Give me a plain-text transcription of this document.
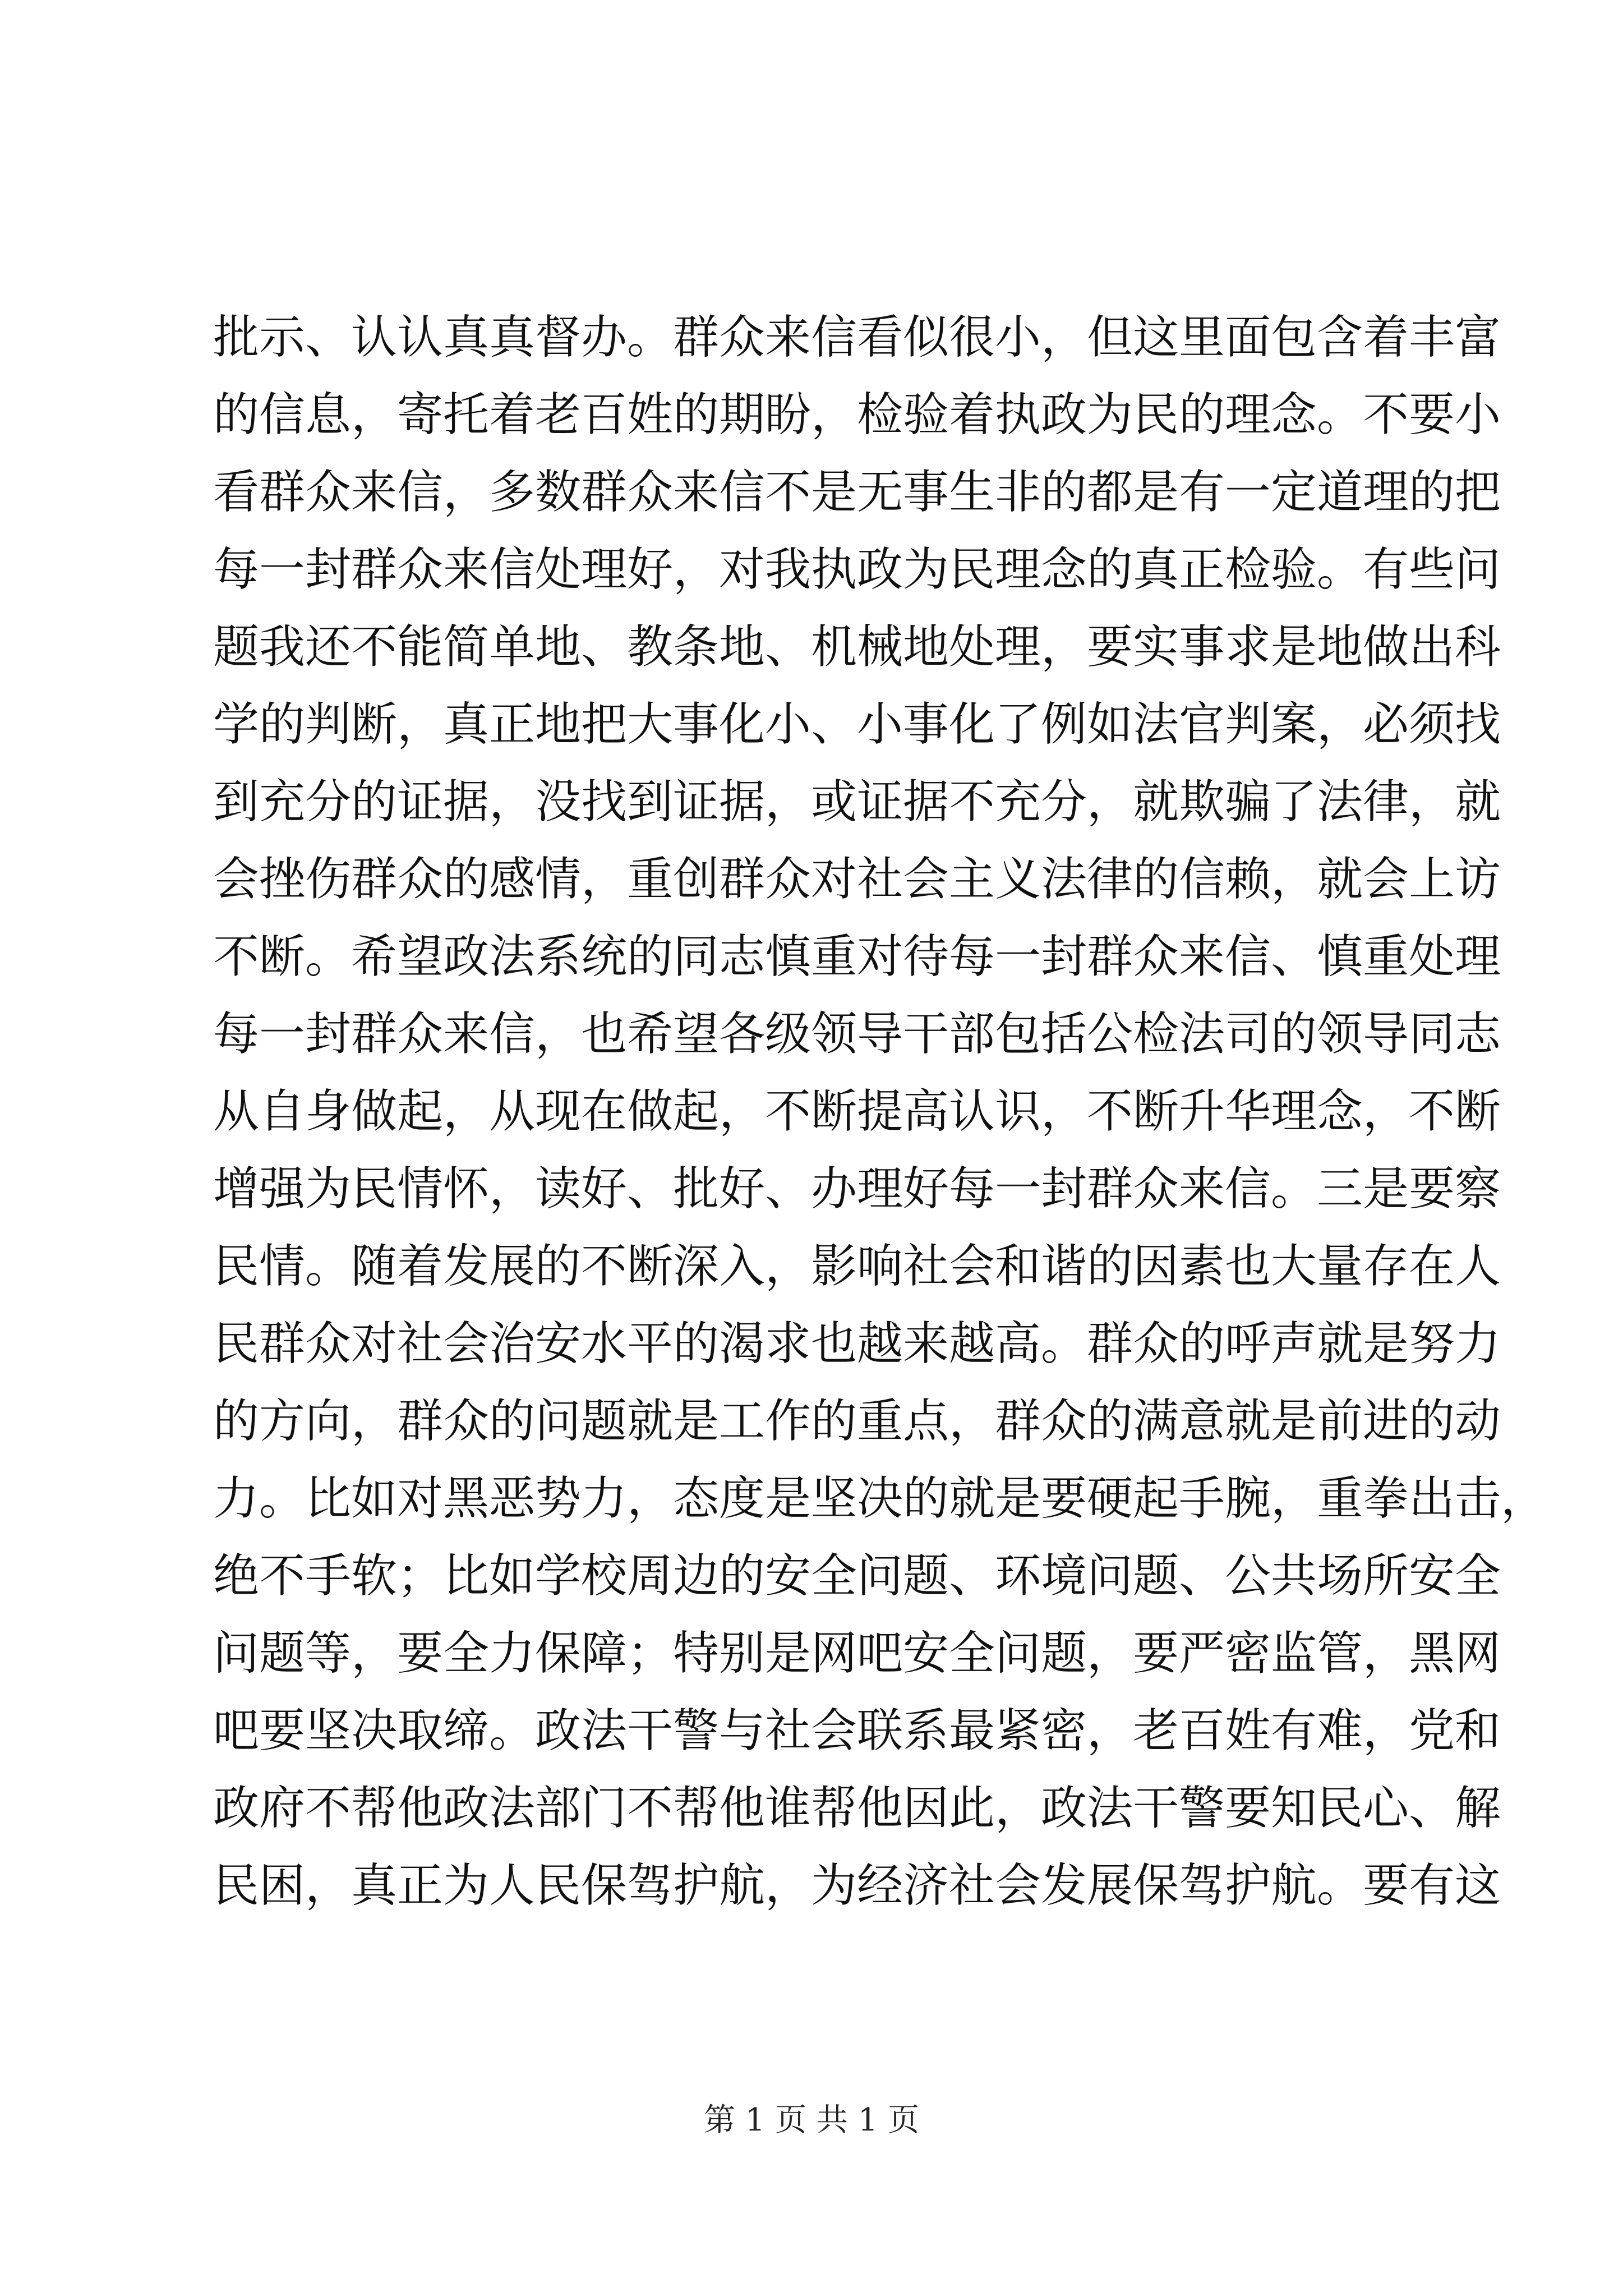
批示、认认真真督办。群众来信看似很小，但这里面包含着丰富
的信息，寄托着老百姓的期盼，检验着执政为民的理念。不要小
看群众来信，多数群众来信不是无事生非的都是有一定道理的把
每一封群众来信处理好，对我执政为民理念的真正检验。有些问
题我还不能简单地、教条地、机械地处理，要实事求是地做出科
学的判断，真正地把大事化小、小事化了例如法官判案，必须找
到充分的证据，没找到证据，或证据不充分，就欺骗了法律，就
会挫伤群众的感情，重创群众对社会主义法律的信赖，就会上访
不断。希望政法系统的同志慎重对待每一封群众来信、慎重处理
每一封群众来信，也希望各级领导干部包括公检法司的领导同志
从自身做起，从现在做起，不断提高认识，不断升华理念，不断
增强为民情怀，读好、批好、办理好每一封群众来信。三是要察
民情。随着发展的不断深入，影响社会和谐的因素也大量存在人
民群众对社会治安水平的渴求也越来越高。群众的呼声就是努力
的方向，群众的问题就是工作的重点，群众的满意就是前进的动
力。比如对黑恶势力，态度是坚决的就是要硬起手腕，重拳出击，
绝不手软；比如学校周边的安全问题、环境问题、公共场所安全
问题等，要全力保障；特别是网吧安全问题，要严密监管，黑网
吧要坚决取缔。政法干警与社会联系最紧密，老百姓有难，党和
政府不帮他政法部门不帮他谁帮他因此，政法干警要知民心、解
民困，真正为人民保驾护航，为经济社会发展保驾护航。要有这
第 1 页 共 1 页
